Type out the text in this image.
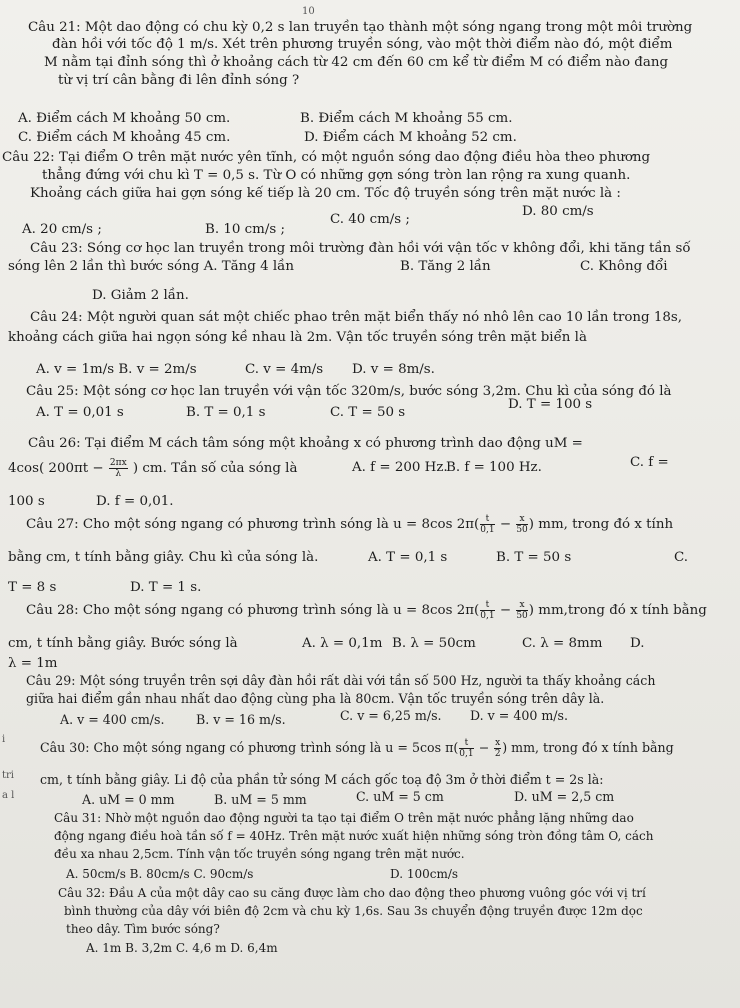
10
Câu 21: Một dao động có chu kỳ 0,2 s lan truyền tạo thành một sóng ngang trong một môi trường
đàn hồi với tốc độ 1 m/s. Xét trên phương truyền sóng, vào một thời điểm nào đó, một điểm
M nằm tại đỉnh sóng thì ở khoảng cách từ 42 cm đến 60 cm kể từ điểm M có điểm nào đang
từ vị trí cân bằng đi lên đỉnh sóng ?
A. Điểm cách M khoảng 50 cm.	B. Điểm cách M khoảng 55 cm.
C. Điểm cách M khoảng 45 cm.	D. Điểm cách M khoảng 52 cm.
Câu 22: Tại điểm O trên mặt nước yên tĩnh, có một nguồn sóng dao động điều hòa theo phương
thẳng đứng với chu kì T = 0,5 s. Từ O có những gợn sóng tròn lan rộng ra xung quanh.
Khoảng cách giữa hai gợn sóng kế tiếp là 20 cm. Tốc độ truyền sóng trên mặt nước là :
D. 80 cm/s
A. 20 cm/s ;	B. 10 cm/s ;
C. 40 cm/s ;
Câu 23: Sóng cơ học lan truyền trong môi trường đàn hồi với vận tốc v không đổi, khi tăng tần số
sóng lên 2 lần thì bước sóng A. Tăng 4 lần	B. Tăng 2 lần	C. Không đổi
D. Giảm 2 lần.
Câu 24: Một người quan sát một chiếc phao trên mặt biển thấy nó nhô lên cao 10 lần trong 18s,
khoảng cách giữa hai ngọn sóng kề nhau là 2m. Vận tốc truyền sóng trên mặt biển là
A. v = 1m/s B. v = 2m/s	C. v = 4m/s D. v = 8m/s.
Câu 25: Một sóng cơ học lan truyền với vận tốc 320m/s, bước sóng 3,2m. Chu kì của sóng đó là
A. T = 0,01 s	B. T = 0,1 s	C. T = 50 s
D. T = 100 s
Câu 26: Tại điểm M cách tâm sóng một khoảng x có phương trình dao động uM =
4cos( $200\pi t - \frac{2\pi x}{\lambda}$ ) cm. Tần số của sóng là	A. f = 200 Hz.
B. f = 100 Hz.	C. f =
100 s	D. f = 0,01.
Câu 27: Cho một sóng ngang có phương trình sóng là u = 8cos $2\pi( \frac{t}{0,1} - \frac{x}{50}$ ) mm, trong đó x tính
bằng cm, t tính bằng giây. Chu kì của sóng là.	A. T = 0,1 s	B. T = 50 s	C.
T = 8 s	D. T = 1 s.
Câu 28: Cho một sóng ngang có phương trình sóng là u = 8cos $2\pi( \frac{t}{0,1} - \frac{x}{50}$ ) mm,trong đó x tính bằng
cm, t tính bằng giây. Bước sóng là	A. λ = 0,1m B. λ = 50cm	C. λ = 8mm D.
λ = 1m
Câu 29: Một sóng truyền trên sợi dây đàn hồi rất dài với tần số 500 Hz, người ta thấy khoảng cách
giữa hai điểm gần nhau nhất dao động cùng pha là 80cm. Vận tốc truyền sóng trên dây là.
A. v = 400 cm/s. B. v = 16 m/s.	C. v = 6,25 m/s. D. v = 400 m/s.
Câu 30: Cho một sóng ngang có phương trình sóng là u = 5cos $\pi( \frac{t}{0,1} - \frac{x}{2}$ ) mm, trong đó x tính bằng
cm, t tính bằng giây. Li độ của phần tử sóng M cách gốc toạ độ 3m ở thời điểm t = 2s là:
A. uM = 0 mm	B. uM = 5 mm	C. uM = 5 cm	D. uM = 2,5 cm
Câu 31: Nhờ một nguồn dao động người ta tạo tại điểm O trên mặt nước phẳng lặng những dao
động ngang điều hoà tần số f = 40Hz. Trên mặt nước xuất hiện những sóng tròn đồng tâm O, cách
đều xa nhau 2,5cm. Tính vận tốc truyền sóng ngang trên mặt nước.
A. 50cm/s B. 80cm/s C. 90cm/s	D. 100cm/s
Câu 32: Đầu A của một dây cao su căng được làm cho dao động theo phương vuông góc với vị trí
bình thường của dây với biên độ 2cm và chu kỳ 1,6s. Sau 3s chuyển động truyền được 12m dọc
theo dây. Tìm bước sóng?
A. 1m B. 3,2m C. 4,6 m D. 6,4m
tri
a l
i
